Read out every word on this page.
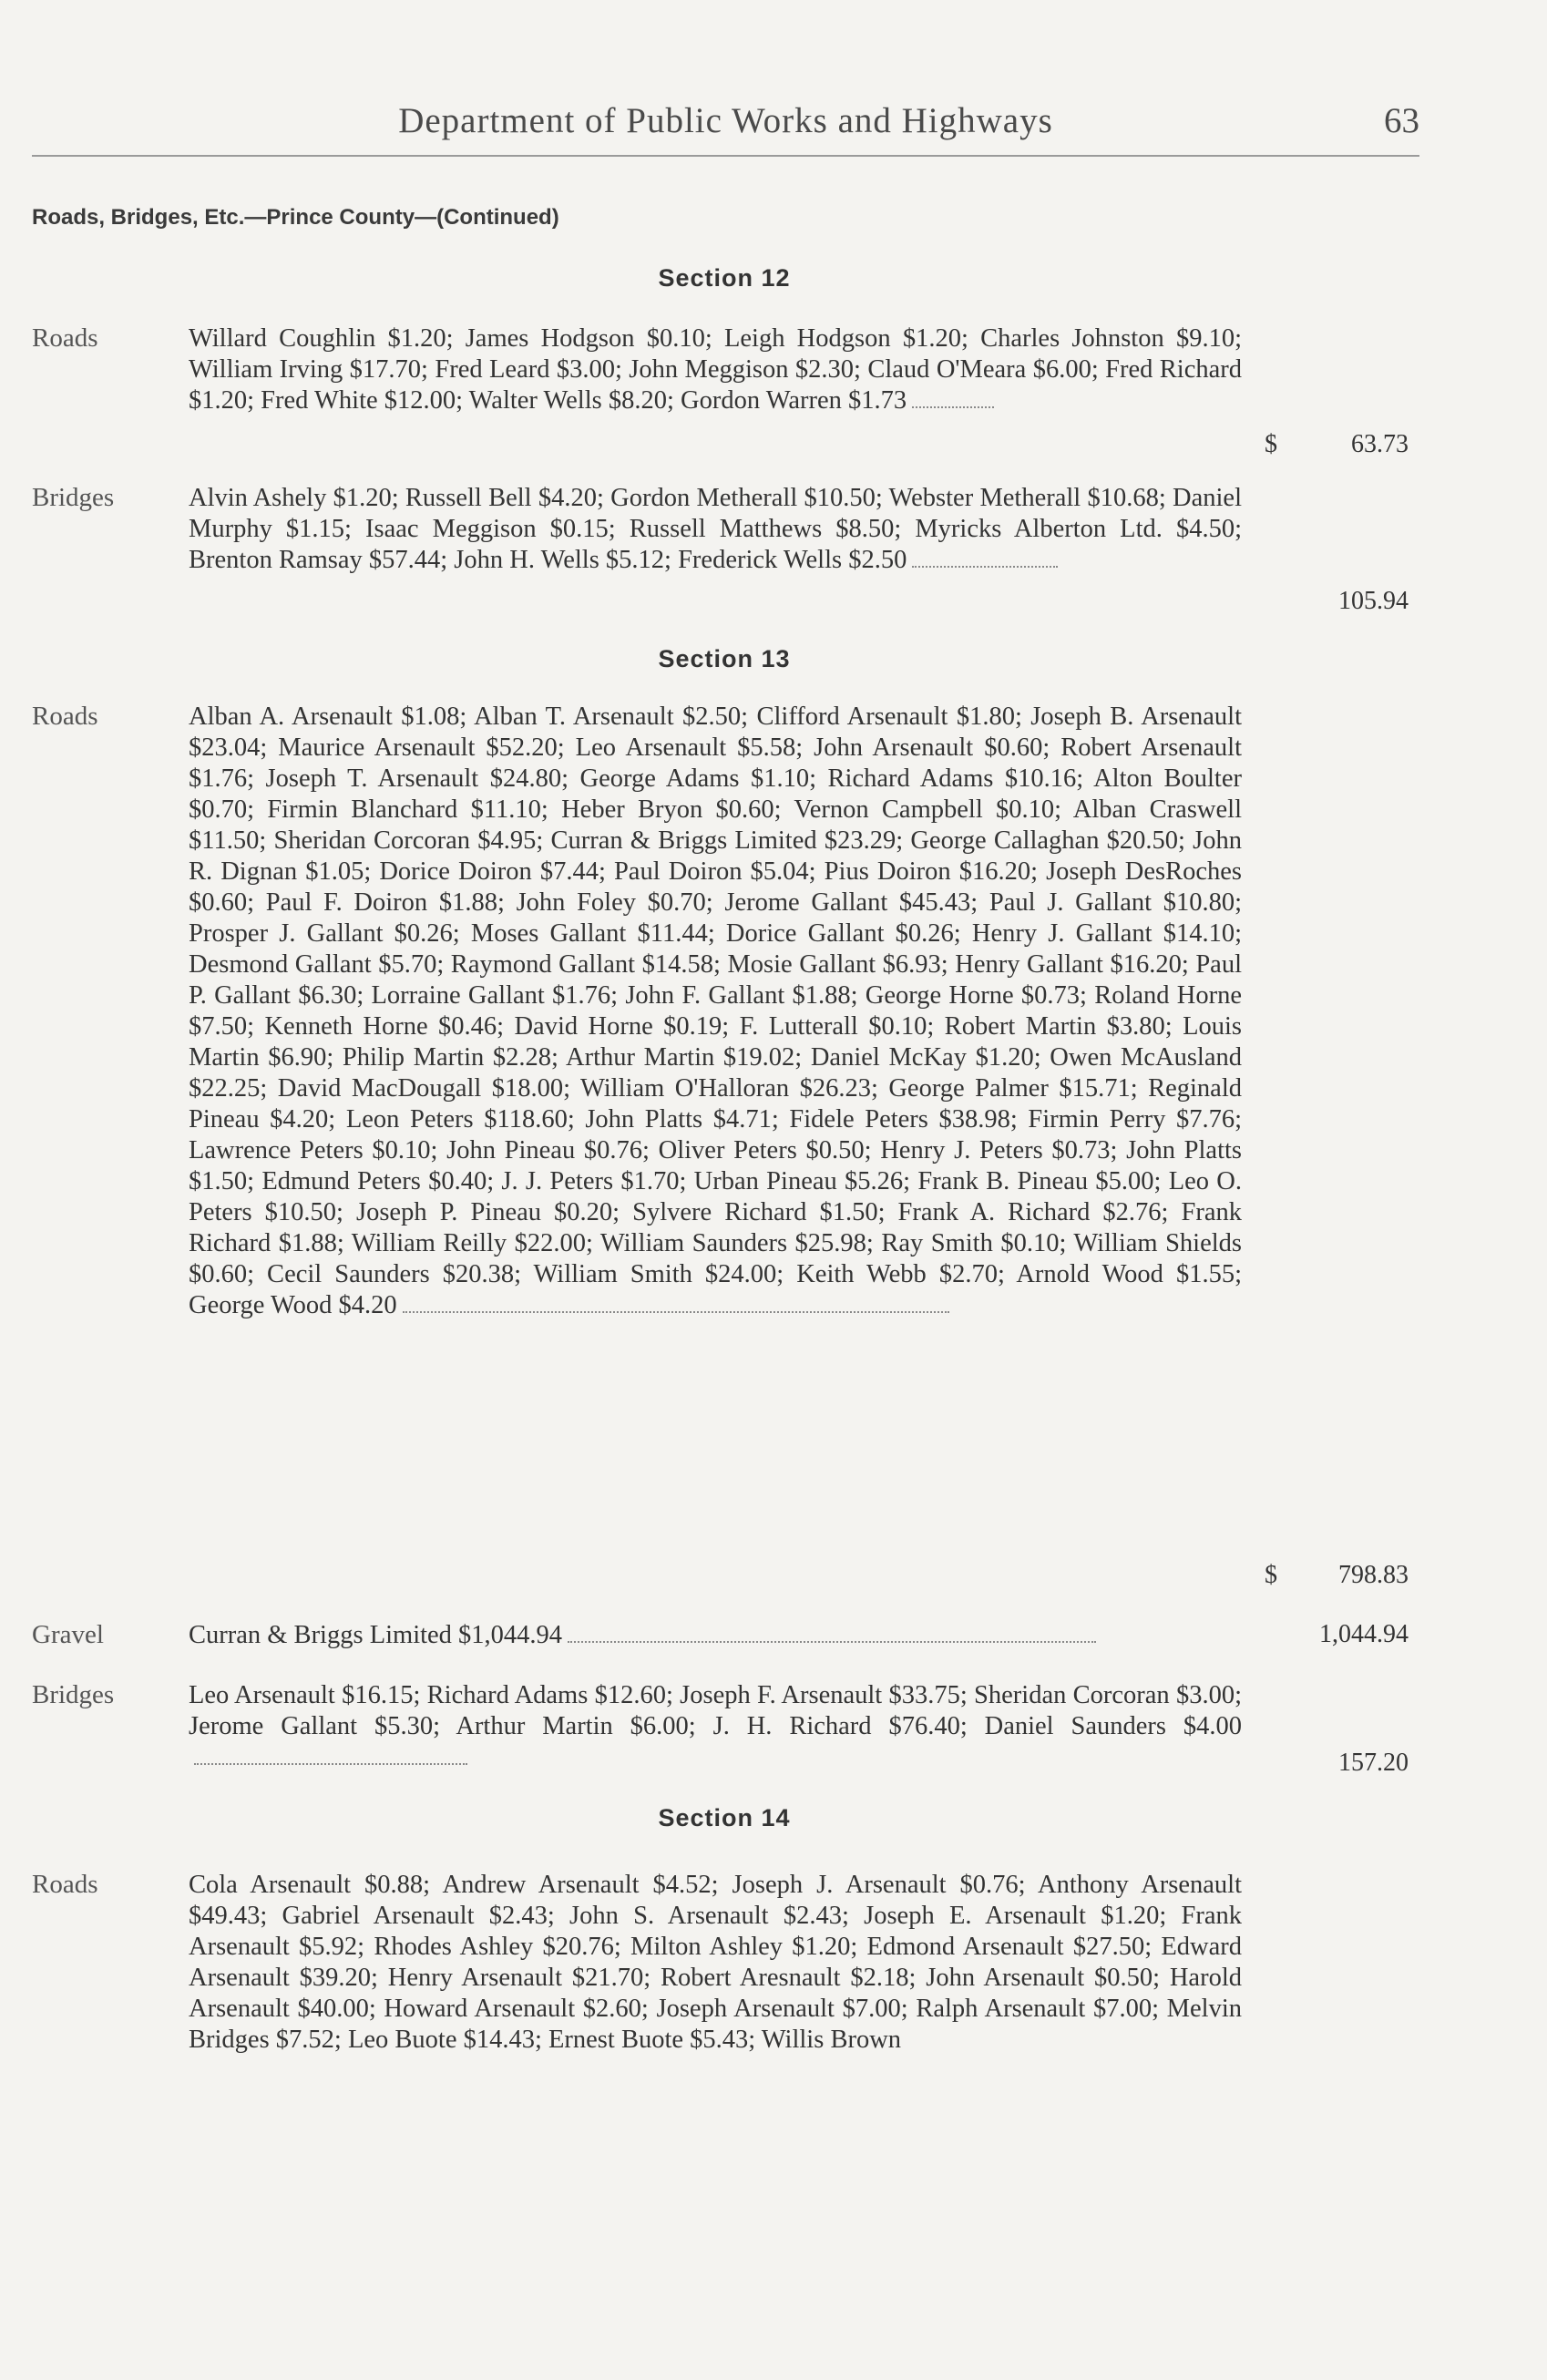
Department of Public Works and Highways	63
Roads, Bridges, Etc.—Prince County—(Continued)
Section 12
Roads	Willard Coughlin $1.20; James Hodgson $0.10; Leigh Hodgson $1.20; Charles Johnston $9.10; William Irving $17.70; Fred Leard $3.00; John Meggison $2.30; Claud O'Meara $6.00; Fred Richard $1.20; Fred White $12.00; Walter Wells $8.20; Gordon Warren $1.73
$	63.73
Bridges	Alvin Ashely $1.20; Russell Bell $4.20; Gordon Metherall $10.50; Webster Metherall $10.68; Daniel Murphy $1.15; Isaac Meggison $0.15; Russell Matthews $8.50; Myricks Alberton Ltd. $4.50; Brenton Ramsay $57.44; John H. Wells $5.12; Frederick Wells $2.50
105.94
Section 13
Roads	Alban A. Arsenault $1.08; Alban T. Arsenault $2.50; Clifford Arsenault $1.80; Joseph B. Arsenault $23.04; Maurice Arsenault $52.20; Leo Arsenault $5.58; John Arsenault $0.60; Robert Arsenault $1.76; Joseph T. Arsenault $24.80; George Adams $1.10; Richard Adams $10.16; Alton Boulter $0.70; Firmin Blanchard $11.10; Heber Bryon $0.60; Vernon Campbell $0.10; Alban Craswell $11.50; Sheridan Corcoran $4.95; Curran & Briggs Limited $23.29; George Callaghan $20.50; John R. Dignan $1.05; Dorice Doiron $7.44; Paul Doiron $5.04; Pius Doiron $16.20; Joseph DesRoches $0.60; Paul F. Doiron $1.88; John Foley $0.70; Jerome Gallant $45.43; Paul J. Gallant $10.80; Prosper J. Gallant $0.26; Moses Gallant $11.44; Dorice Gallant $0.26; Henry J. Gallant $14.10; Desmond Gallant $5.70; Raymond Gallant $14.58; Mosie Gallant $6.93; Henry Gallant $16.20; Paul P. Gallant $6.30; Lorraine Gallant $1.76; John F. Gallant $1.88; George Horne $0.73; Roland Horne $7.50; Kenneth Horne $0.46; David Horne $0.19; F. Lutterall $0.10; Robert Martin $3.80; Louis Martin $6.90; Philip Martin $2.28; Arthur Martin $19.02; Daniel McKay $1.20; Owen McAusland $22.25; David MacDougall $18.00; William O'Halloran $26.23; George Palmer $15.71; Reginald Pineau $4.20; Leon Peters $118.60; John Platts $4.71; Fidele Peters $38.98; Firmin Perry $7.76; Lawrence Peters $0.10; John Pineau $0.76; Oliver Peters $0.50; Henry J. Peters $0.73; John Platts $1.50; Edmund Peters $0.40; J. J. Peters $1.70; Urban Pineau $5.26; Frank B. Pineau $5.00; Leo O. Peters $10.50; Joseph P. Pineau $0.20; Sylvere Richard $1.50; Frank A. Richard $2.76; Frank Richard $1.88; William Reilly $22.00; William Saunders $25.98; Ray Smith $0.10; William Shields $0.60; Cecil Saunders $20.38; William Smith $24.00; Keith Webb $2.70; Arnold Wood $1.55; George Wood $4.20
$ 798.83
Gravel	Curran & Briggs Limited $1,044.94	1,044.94
Bridges	Leo Arsenault $16.15; Richard Adams $12.60; Joseph F. Arsenault $33.75; Sheridan Corcoran $3.00; Jerome Gallant $5.30; Arthur Martin $6.00; J. H. Richard $76.40; Daniel Saunders $4.00
157.20
Section 14
Roads	Cola Arsenault $0.88; Andrew Arsenault $4.52; Joseph J. Arsenault $0.76; Anthony Arsenault $49.43; Gabriel Arsenault $2.43; John S. Arsenault $2.43; Joseph E. Arsenault $1.20; Frank Arsenault $5.92; Rhodes Ashley $20.76; Milton Ashley $1.20; Edmond Arsenault $27.50; Edward Arsenault $39.20; Henry Arsenault $21.70; Robert Aresnault $2.18; John Arsenault $0.50; Harold Arsenault $40.00; Howard Arsenault $2.60; Joseph Arsenault $7.00; Ralph Arsenault $7.00; Melvin Bridges $7.52; Leo Buote $14.43; Ernest Buote $5.43; Willis Brown
